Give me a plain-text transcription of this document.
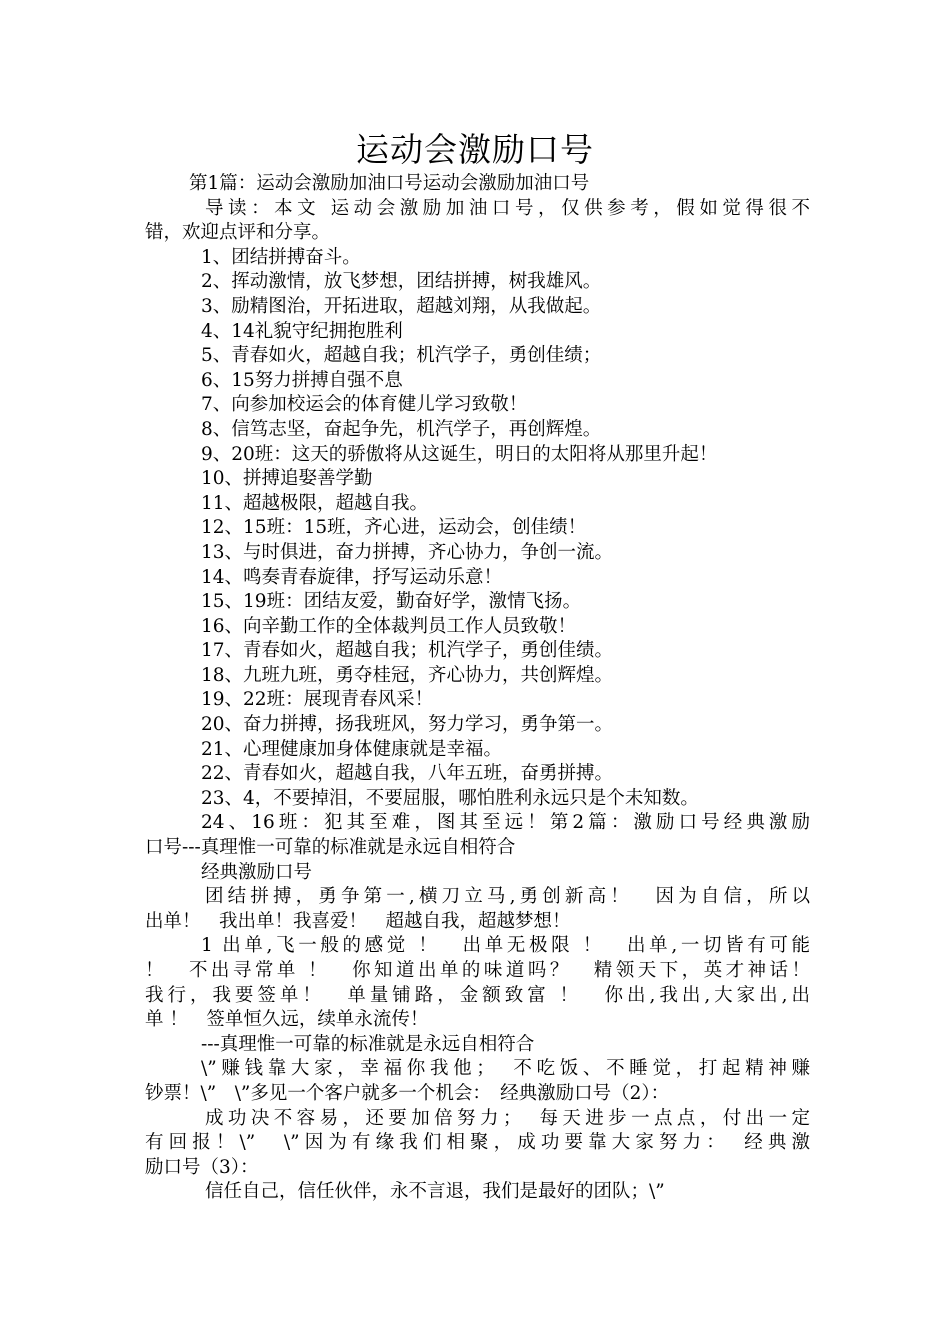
运动会激励口号
第1篇：运动会激励加油口号运动会激励加油口号
导读：本文 运动会激励加油口号，仅供参考，假如觉得很不
错，欢迎点评和分享。
1、团结拼搏奋斗。
2、挥动激情，放飞梦想，团结拼搏，树我雄风。
3、励精图治，开拓进取，超越刘翔，从我做起。
4、14礼貌守纪拥抱胜利
5、青春如火，超越自我；机汽学子，勇创佳绩；
6、15努力拼搏自强不息
7、向参加校运会的体育健儿学习致敬！
8、信笃志坚，奋起争先，机汽学子，再创辉煌。
9、20班：这天的骄傲将从这诞生，明日的太阳将从那里升起！
10、拼搏追娶善学勤
11、超越极限，超越自我。
12、15班：15班，齐心进，运动会，创佳绩！
13、与时俱进，奋力拼搏，齐心协力，争创一流。
14、鸣奏青春旋律，抒写运动乐意！
15、19班：团结友爱，勤奋好学，激情飞扬。
16、向辛勤工作的全体裁判员工作人员致敬！
17、青春如火，超越自我；机汽学子，勇创佳绩。
18、九班九班，勇夺桂冠，齐心协力，共创辉煌。
19、22班：展现青春风采！
20、奋力拼搏，扬我班风，努力学习，勇争第一。
21、心理健康加身体健康就是幸福。
22、青春如火，超越自我，八年五班，奋勇拼搏。
23、4，不要掉泪，不要屈服，哪怕胜利永远只是个未知数。
24、16班：犯其至难，图其至远！第2篇：激励口号经典激励
口号---真理惟一可靠的标准就是永远自相符合
经典激励口号
团结拼搏，勇争第一,横刀立马,勇创新高！　因为自信，所以
出单！　我出单！我喜爱！　超越自我，超越梦想！
1 出单,飞一般的感觉 ！　出单无极限 ！　出单,一切皆有可能
！　不出寻常单 ！　你知道出单的味道吗？　精领天下，英才神话！
我行，我要签单！　单量铺路，金额致富 ！　你出,我出,大家出,出
单 ！　签单恒久远，续单永流传！
---真理惟一可靠的标准就是永远自相符合
\”赚钱靠大家，幸福你我他；　不吃饭、不睡觉，打起精神赚
钞票！\”　\”多见一个客户就多一个机会：　经典激励口号（2）：
成功决不容易，还要加倍努力；　每天进步一点点，付出一定
有回报！\”　\”因为有缘我们相聚，成功要靠大家努力：　经典激
励口号（3）：
信任自己，信任伙伴，永不言退，我们是最好的团队；\”
